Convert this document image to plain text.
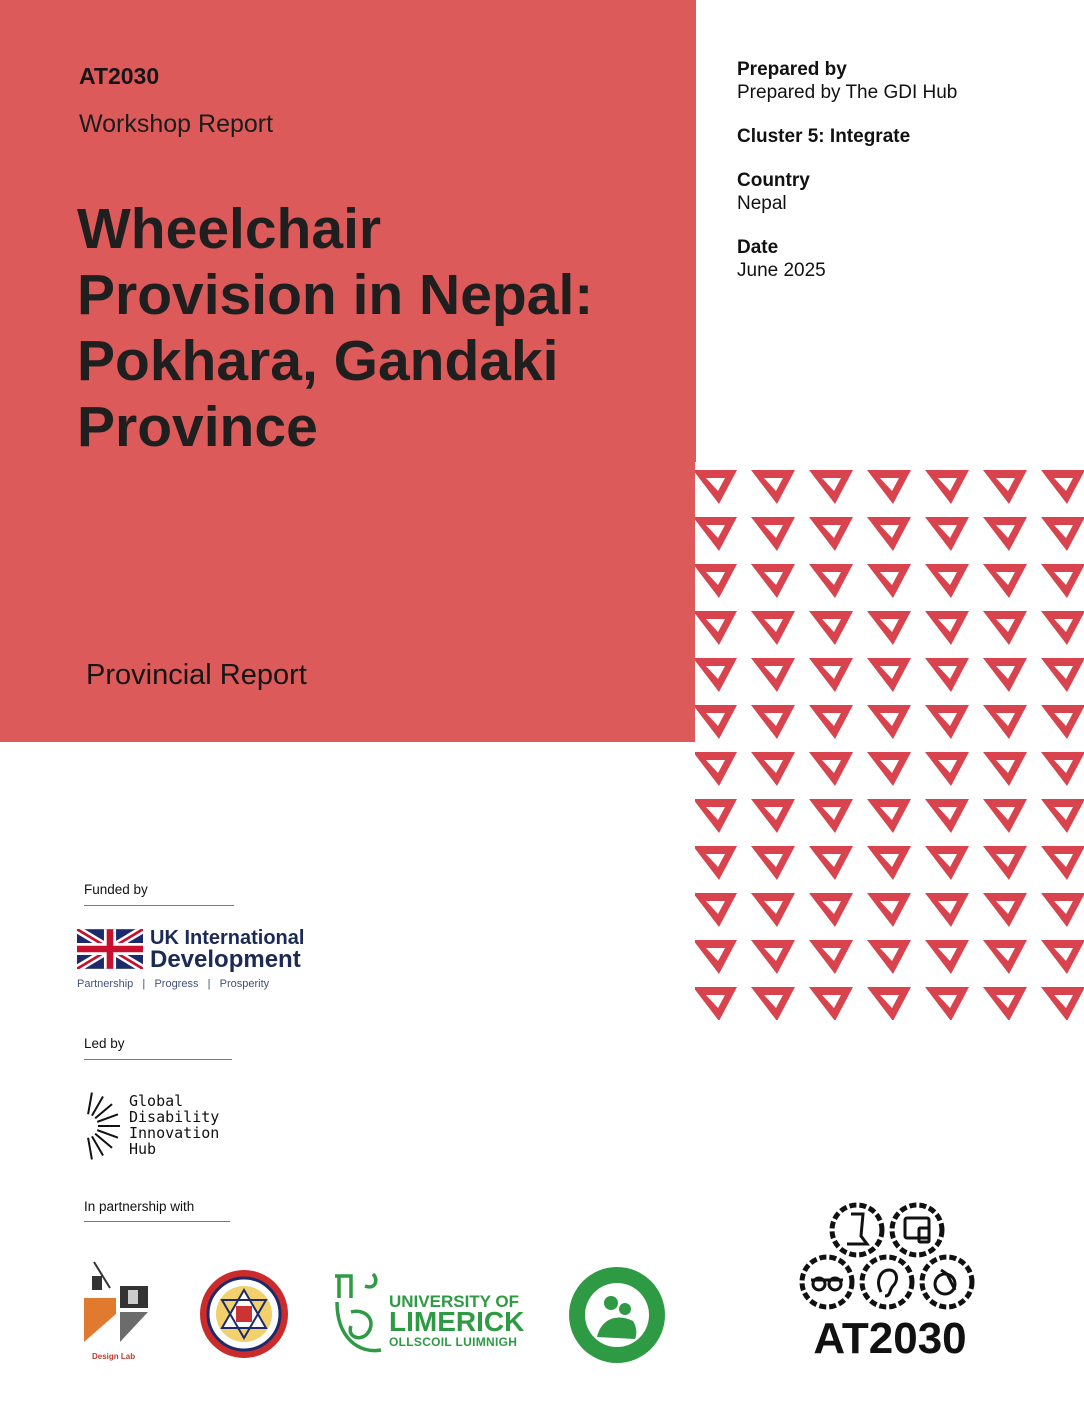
AT2030
Workshop Report
Wheelchair
Provision in Nepal:
Pokhara, Gandaki
Province
Provincial Report
Prepared by
Prepared by The GDI Hub
Cluster 5: Integrate
Country
Nepal
Date
June 2025
Funded by
UK International
Development
Partnership   |   Progress   |   Prosperity
Led by
Global
Disability
Innovation
Hub
In partnership with
Design Lab
UNIVERSITY OF
LIMERICK
OLLSCOIL LUIMNIGH	AT2030
